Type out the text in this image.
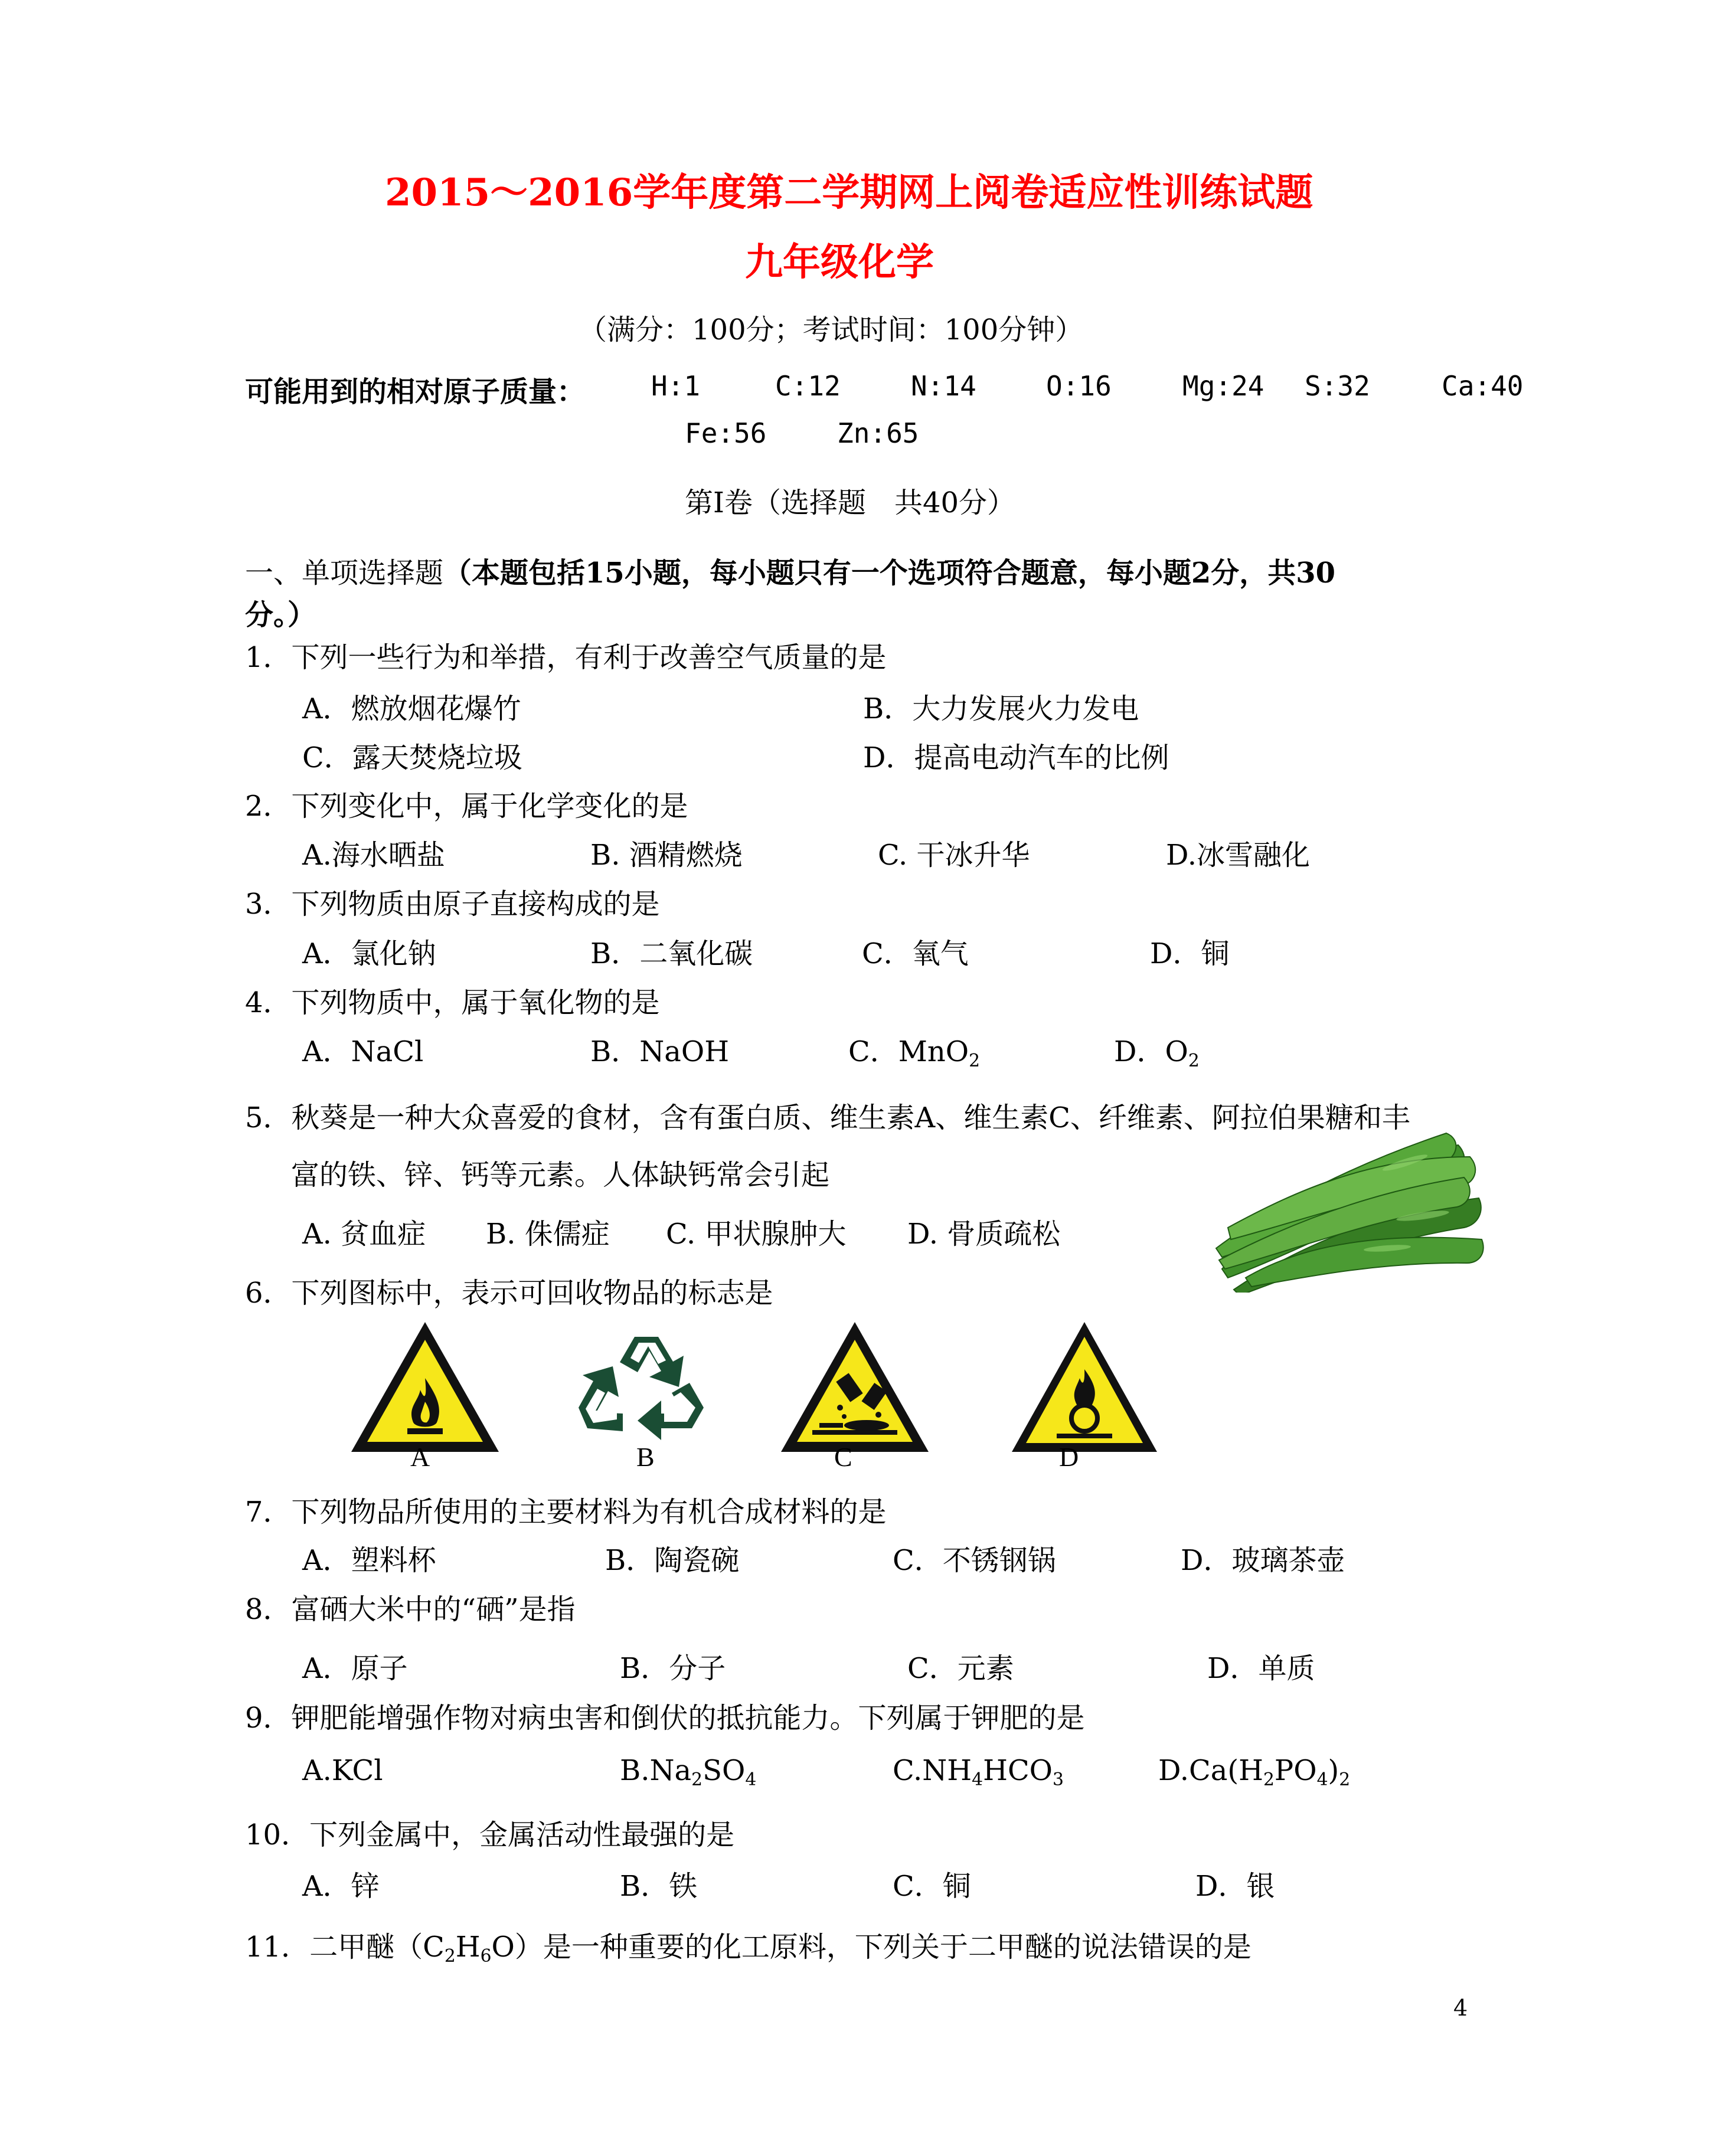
2015～2016学年度第二学期网上阅卷适应性训练试题
九年级化学
（满分：100分；考试时间：100分钟）
可能用到的相对原子质量： H:1	C:12	N:14	O:16	Mg:24 S:32	Ca:40
Fe:56	Zn:65
第Ⅰ卷（选择题　共40分）
一、单项选择题（本题包括15小题，每小题只有一个选项符合题意，每小题2分，共30
分。）
1．下列一些行为和举措，有利于改善空气质量的是
A．燃放烟花爆竹	B．大力发展火力发电
C．露天焚烧垃圾	D．提高电动汽车的比例
2．下列变化中，属于化学变化的是
A.海水晒盐	B. 酒精燃烧	C. 干冰升华	D.冰雪融化
3．下列物质由原子直接构成的是
A．氯化钠	B．二氧化碳	C．氧气	D．铜
4．下列物质中，属于氧化物的是
A．NaCl	B．NaOH	C．MnO$_2$	D．$O_2$
5．秋葵是一种大众喜爱的食材，含有蛋白质、维生素A、维生素C、纤维素、阿拉伯果糖和丰
富的铁、锌、钙等元素。人体缺钙常会引起
A. 贫血症 B. 侏儒症 C. 甲状腺肿大 D. 骨质疏松
6．下列图标中，表示可回收物品的标志是
A	B	C	D
7．下列物品所使用的主要材料为有机合成材料的是
A．塑料杯	B．陶瓷碗	C．不锈钢锅	D．玻璃茶壶
8．富硒大米中的“硒”是指
A．原子	B．分子	C．元素	D．单质
9．钾肥能增强作物对病虫害和倒伏的抵抗能力。下列属于钾肥的是
A.KCl	$B.Na_2SO_4$	$C.NH_4HCO_3$	$D.Ca(H_2PO_4)_2$
10．下列金属中，金属活动性最强的是
A．锌	B．铁	C．铜	D．银
11．二甲醚$(C_2H_6O)$是一种重要的化工原料，下列关于二甲醚的说法错误的是
4
